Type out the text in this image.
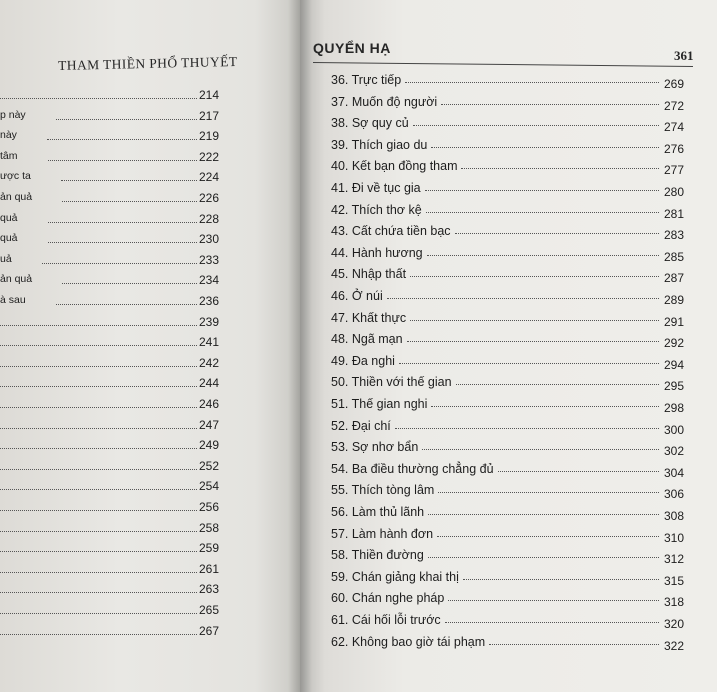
THAM THIỀN PHỔ THUYẾT
214
p này	217
này	219
tâm	222
ược ta	224
ản quả	226
quả	228
quả	230
uả	233
ản quả	234
à sau	236
239
241
242
244
246
247
249
252
254
256
258
259
261
263
265
267
QUYỂN HẠ	361
36. Trực tiếp	269
37. Muốn độ người	272
38. Sợ quy củ	274
39. Thích giao du	276
40. Kết bạn đồng tham	277
41. Đi về tục gia	280
42. Thích thơ kệ	281
43. Cất chứa tiền bạc	283
44. Hành hương	285
45. Nhập thất	287
46. Ở núi	289
47. Khất thực	291
48. Ngã mạn	292
49. Đa nghi	294
50. Thiền với thế gian	295
51. Thế gian nghi	298
52. Đại chí	300
53. Sợ nhơ bẩn	302
54. Ba điều thường chẳng đủ	304
55. Thích tòng lâm	306
56. Làm thủ lãnh	308
57. Làm hành đơn	310
58. Thiền đường	312
59. Chán giảng khai thị	315
60. Chán nghe pháp	318
61. Cái hối lỗi trước	320
62. Không bao giờ tái phạm	322
